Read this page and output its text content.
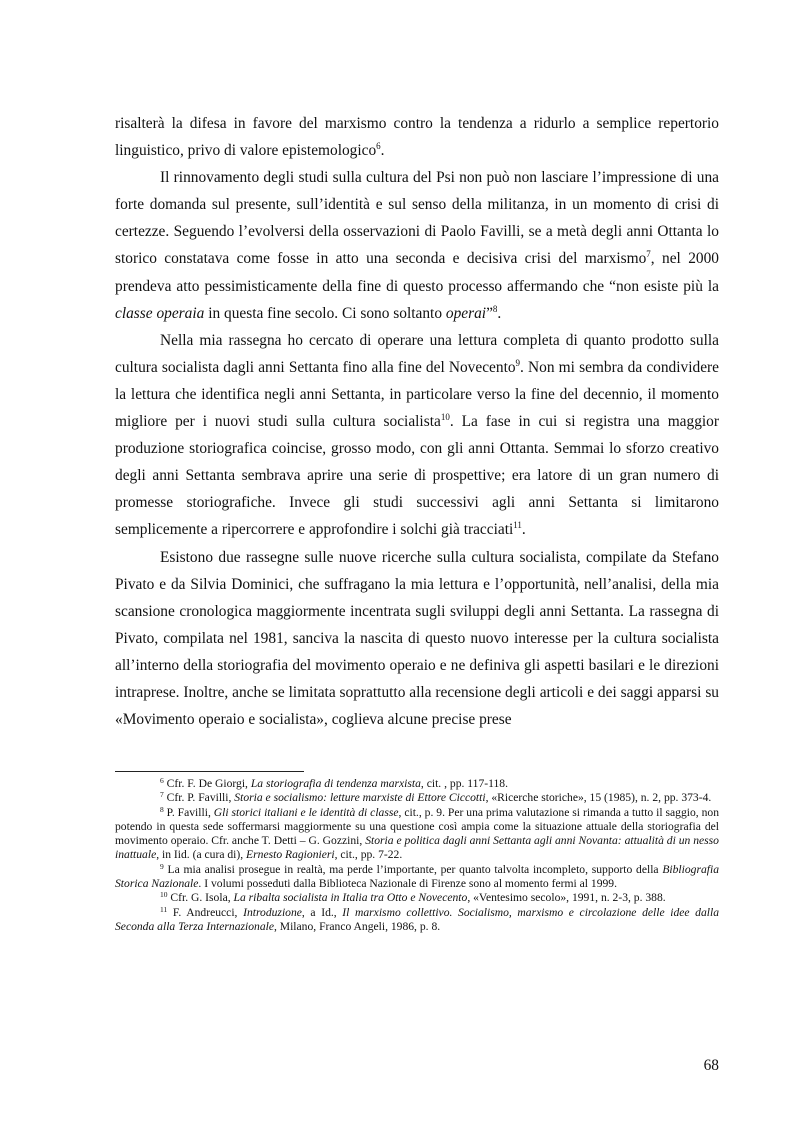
risalterà la difesa in favore del marxismo contro la tendenza a ridurlo a semplice repertorio linguistico, privo di valore epistemologico$^6$.

Il rinnovamento degli studi sulla cultura del Psi non può non lasciare l’impressione di una forte domanda sul presente, sull’identità e sul senso della militanza, in un momento di crisi di certezze. Seguendo l’evolversi della osservazioni di Paolo Favilli, se a metà degli anni Ottanta lo storico constatava come fosse in atto una seconda e decisiva crisi del marxismo$^7$, nel 2000 prendeva atto pessimisticamente della fine di questo processo affermando che “non esiste più la classe operaia in questa fine secolo. Ci sono soltanto operai”$^8$.

Nella mia rassegna ho cercato di operare una lettura completa di quanto prodotto sulla cultura socialista dagli anni Settanta fino alla fine del Novecento$^9$. Non mi sembra da condividere la lettura che identifica negli anni Settanta, in particolare verso la fine del decennio, il momento migliore per i nuovi studi sulla cultura socialista$^{10}$. La fase in cui si registra una maggior produzione storiografica coincise, grosso modo, con gli anni Ottanta. Semmai lo sforzo creativo degli anni Settanta sembrava aprire una serie di prospettive; era latore di un gran numero di promesse storiografiche. Invece gli studi successivi agli anni Settanta si limitarono semplicemente a ripercorrere e approfondire i solchi già tracciati$^{11}$.

Esistono due rassegne sulle nuove ricerche sulla cultura socialista, compilate da Stefano Pivato e da Silvia Dominici, che suffragano la mia lettura e l’opportunità, nell’analisi, della mia scansione cronologica maggiormente incentrata sugli sviluppi degli anni Settanta. La rassegna di Pivato, compilata nel 1981, sanciva la nascita di questo nuovo interesse per la cultura socialista all’interno della storiografia del movimento operaio e ne definiva gli aspetti basilari e le direzioni intraprese. Inoltre, anche se limitata soprattutto alla recensione degli articoli e dei saggi apparsi su «Movimento operaio e socialista», coglieva alcune precise prese

$^6$ Cfr. F. De Giorgi, La storiografia di tendenza marxista, cit. , pp. 117-118.

$^7$ Cfr. P. Favilli, Storia e socialismo: letture marxiste di Ettore Ciccotti, «Ricerche storiche», 15 (1985), n. 2, pp. 373-4.

$^8$ P. Favilli, Gli storici italiani e le identità di classe, cit., p. 9. Per una prima valutazione si rimanda a tutto il saggio, non potendo in questa sede soffermarsi maggiormente su una questione così ampia come la situazione attuale della storiografia del movimento operaio. Cfr. anche T. Detti – G. Gozzini, Storia e politica dagli anni Settanta agli anni Novanta: attualità di un nesso inattuale, in Iid. (a cura di), Ernesto Ragionieri, cit., pp. 7-22.

$^9$ La mia analisi prosegue in realtà, ma perde l’importante, per quanto talvolta incompleto, supporto della Bibliografia Storica Nazionale. I volumi posseduti dalla Biblioteca Nazionale di Firenze sono al momento fermi al 1999.

$^{10}$ Cfr. G. Isola, La ribalta socialista in Italia tra Otto e Novecento, «Ventesimo secolo», 1991, n. 2-3, p. 388.

$^{11}$ F. Andreucci, Introduzione, a Id., Il marxismo collettivo. Socialismo, marxismo e circolazione delle idee dalla Seconda alla Terza Internazionale, Milano, Franco Angeli, 1986, p. 8.

68
